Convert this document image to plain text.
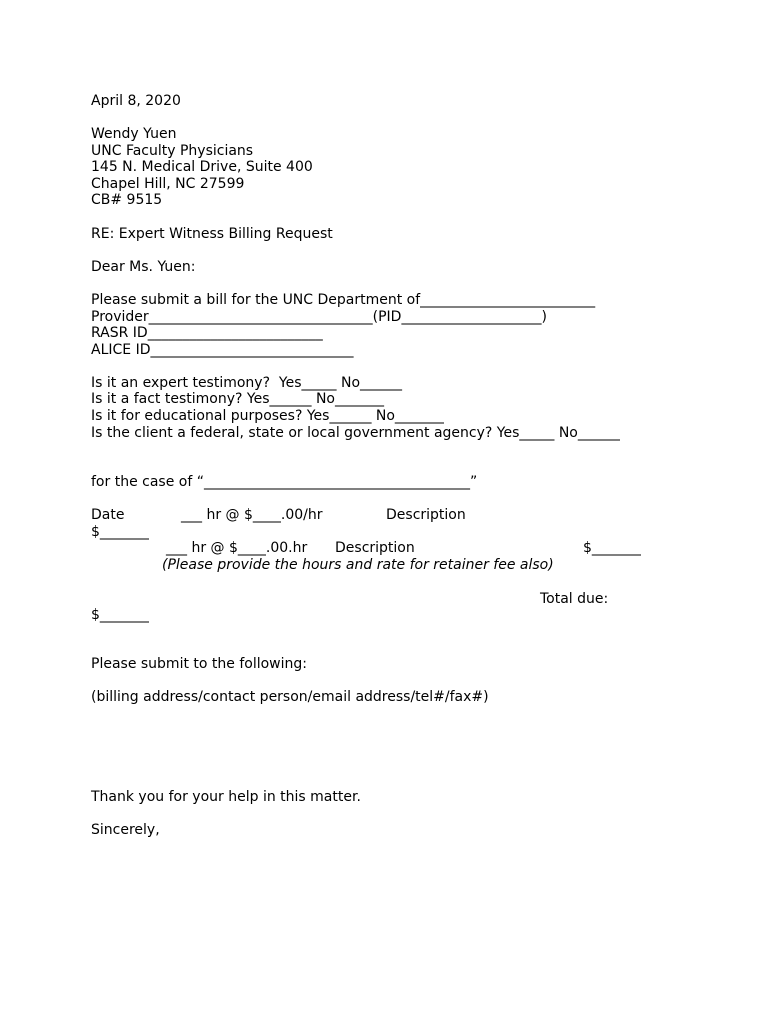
April 8, 2020
Wendy Yuen
UNC Faculty Physicians
145 N. Medical Drive, Suite 400
Chapel Hill, NC 27599
CB# 9515
RE: Expert Witness Billing Request
Dear Ms. Yuen:
Please submit a bill for the UNC Department of_________________________
Provider________________________________(PID____________________)
RASR ID_________________________
ALICE ID_____________________________
Is it an expert testimony?  Yes_____ No______
Is it a fact testimony? Yes______ No_______
Is it for educational purposes? Yes______ No_______
Is the client a federal, state or local government agency? Yes_____ No______
for the case of “______________________________________”
Date	___ hr @ $____.00/hr	Description
$_______
___ hr @ $____.00.hr Description	$_______
(Please provide the hours and rate for retainer fee also)
Total due:
$_______
Please submit to the following:
(billing address/contact person/email address/tel#/fax#)
Thank you for your help in this matter.
Sincerely,
